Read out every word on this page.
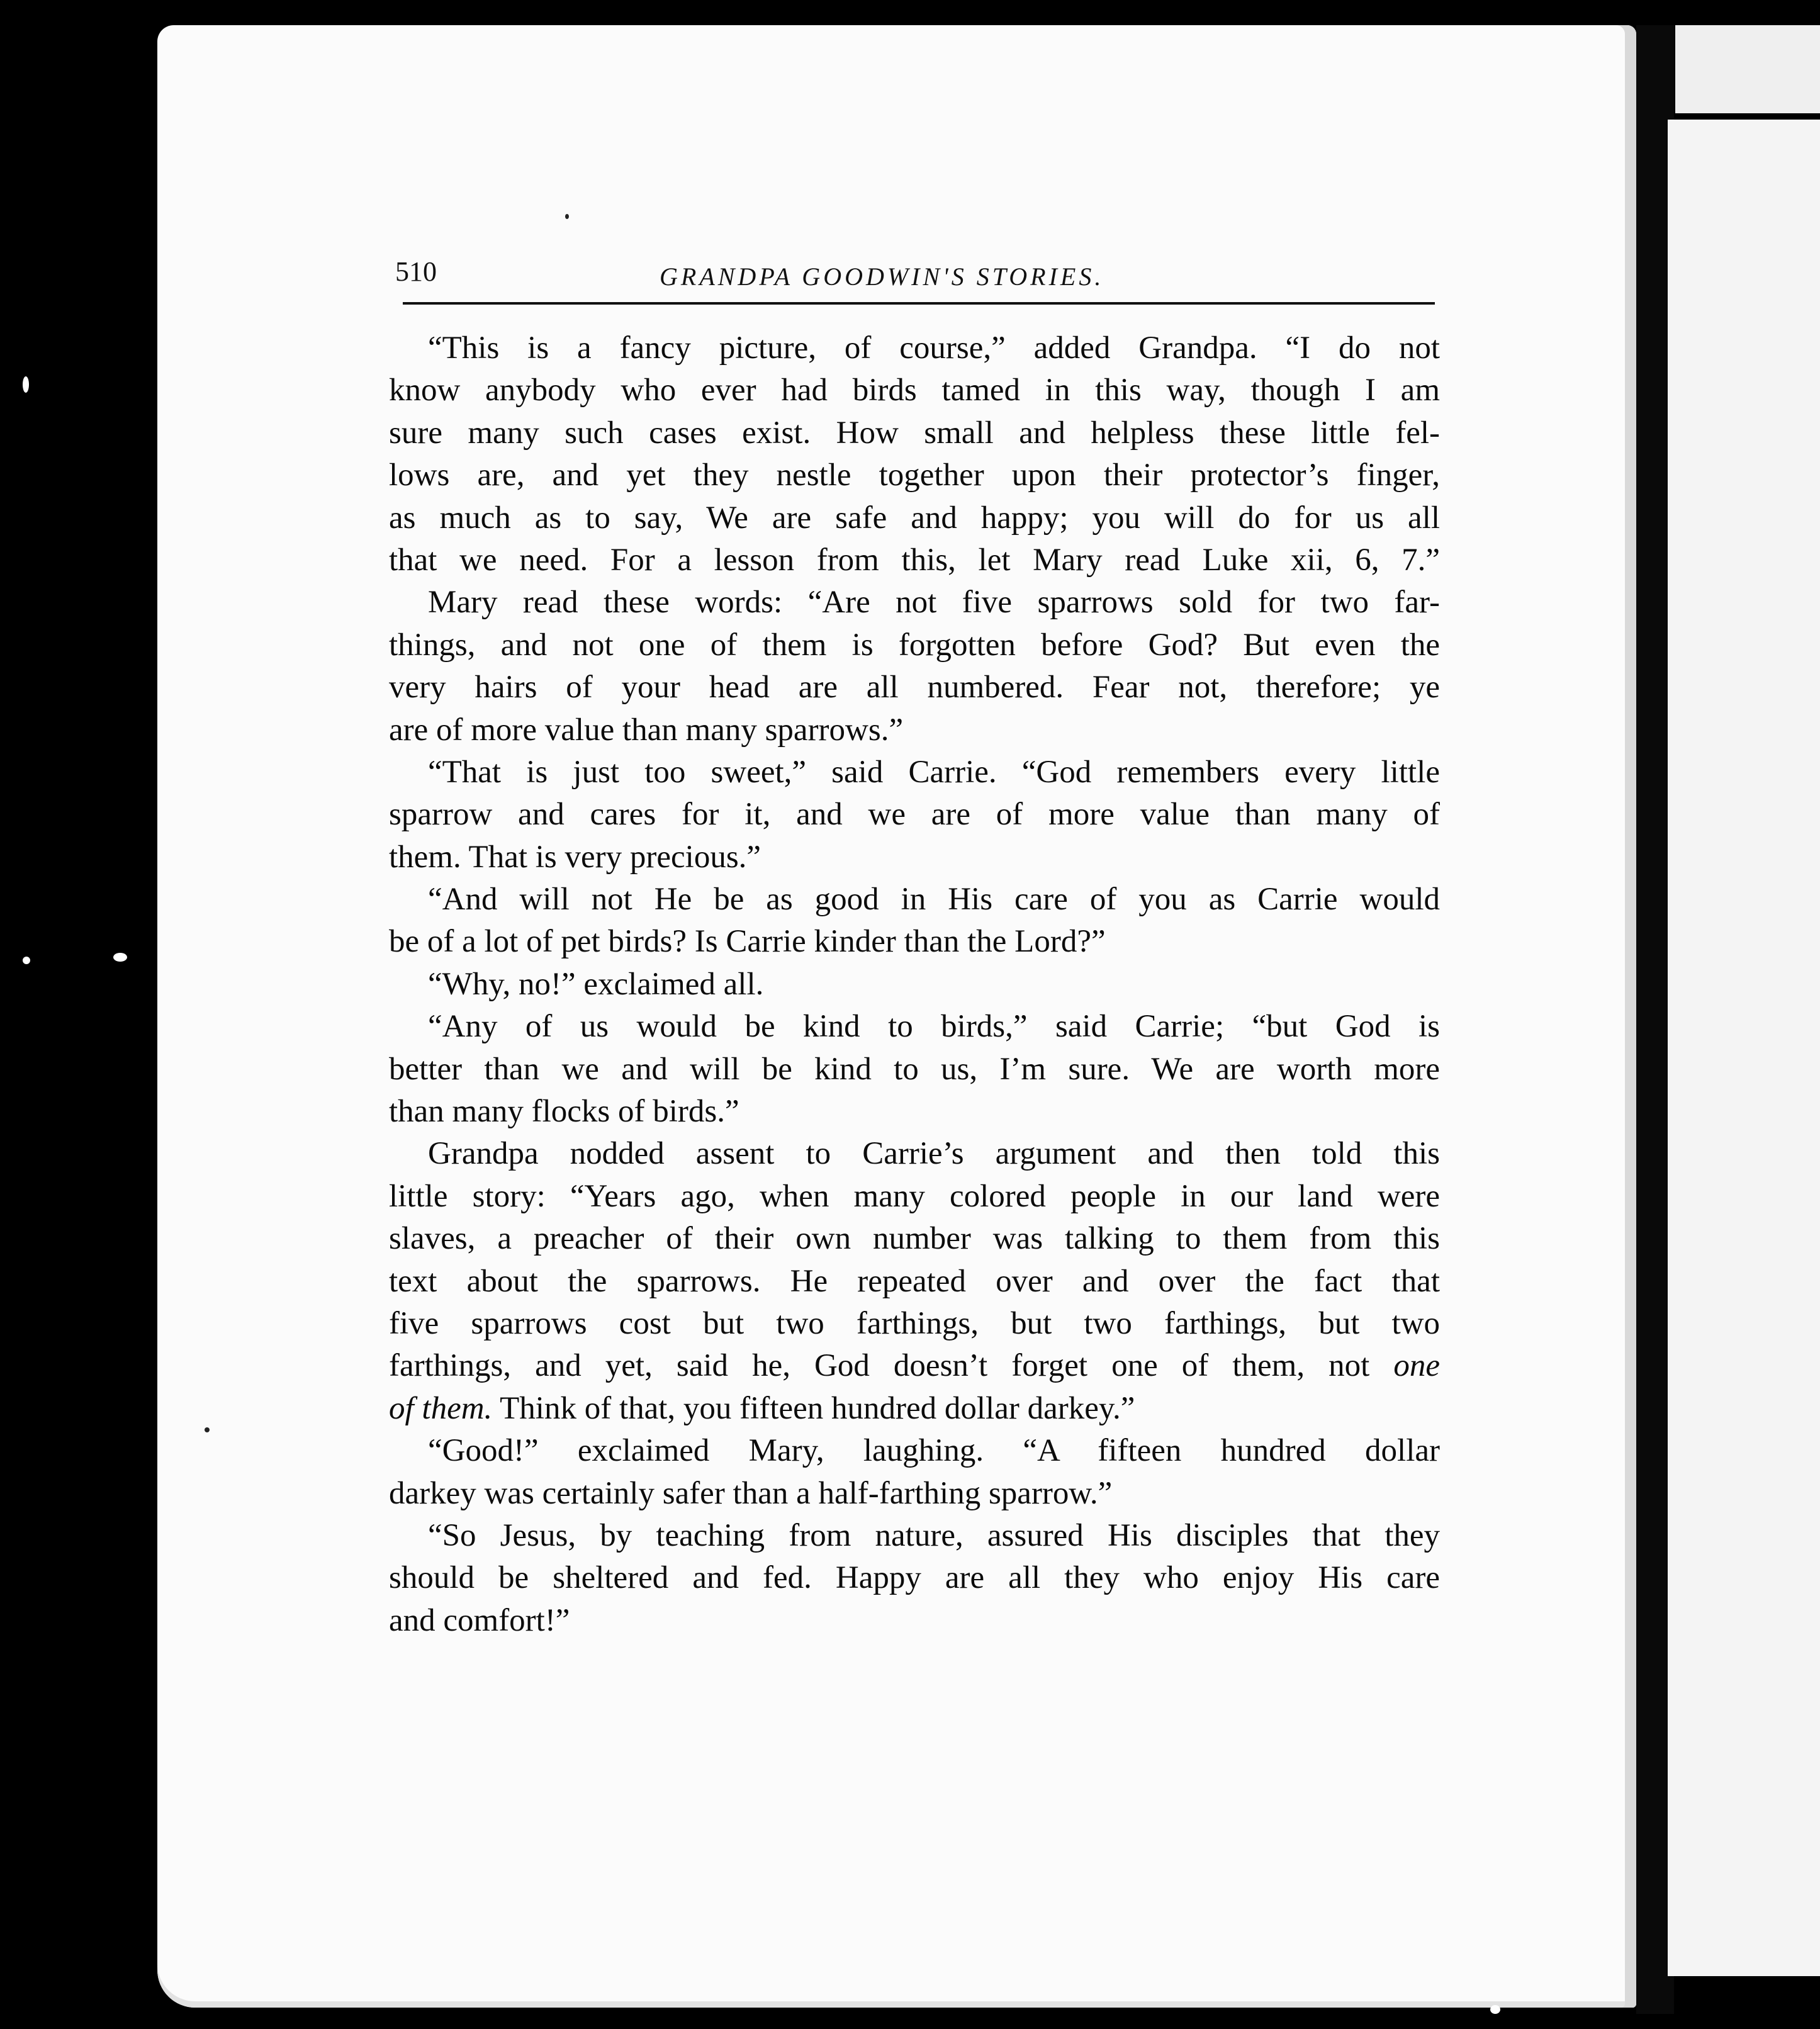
510	GRANDPA GOODWIN'S STORIES.
“This is a fancy picture, of course,” added Grandpa. “I do not
know anybody who ever had birds tamed in this way, though I am
sure many such cases exist. How small and helpless these little fel-
lows are, and yet they nestle together upon their protector’s finger,
as much as to say, We are safe and happy; you will do for us all
that we need. For a lesson from this, let Mary read Luke xii, 6, 7.”
Mary read these words: “Are not five sparrows sold for two far-
things, and not one of them is forgotten before God? But even the
very hairs of your head are all numbered. Fear not, therefore; ye
are of more value than many sparrows.”
“That is just too sweet,” said Carrie. “God remembers every little
sparrow and cares for it, and we are of more value than many of
them. That is very precious.”
“And will not He be as good in His care of you as Carrie would
be of a lot of pet birds? Is Carrie kinder than the Lord?”
“Why, no!” exclaimed all.
“Any of us would be kind to birds,” said Carrie; “but God is
better than we and will be kind to us, I’m sure. We are worth more
than many flocks of birds.”
Grandpa nodded assent to Carrie’s argument and then told this
little story: “Years ago, when many colored people in our land were
slaves, a preacher of their own number was talking to them from this
text about the sparrows. He repeated over and over the fact that
five sparrows cost but two farthings, but two farthings, but two
farthings, and yet, said he, God doesn’t forget one of them, not one
of them. Think of that, you fifteen hundred dollar darkey.”
“Good!” exclaimed Mary, laughing. “A fifteen hundred dollar
darkey was certainly safer than a half-farthing sparrow.”
“So Jesus, by teaching from nature, assured His disciples that they
should be sheltered and fed. Happy are all they who enjoy His care
and comfort!”
